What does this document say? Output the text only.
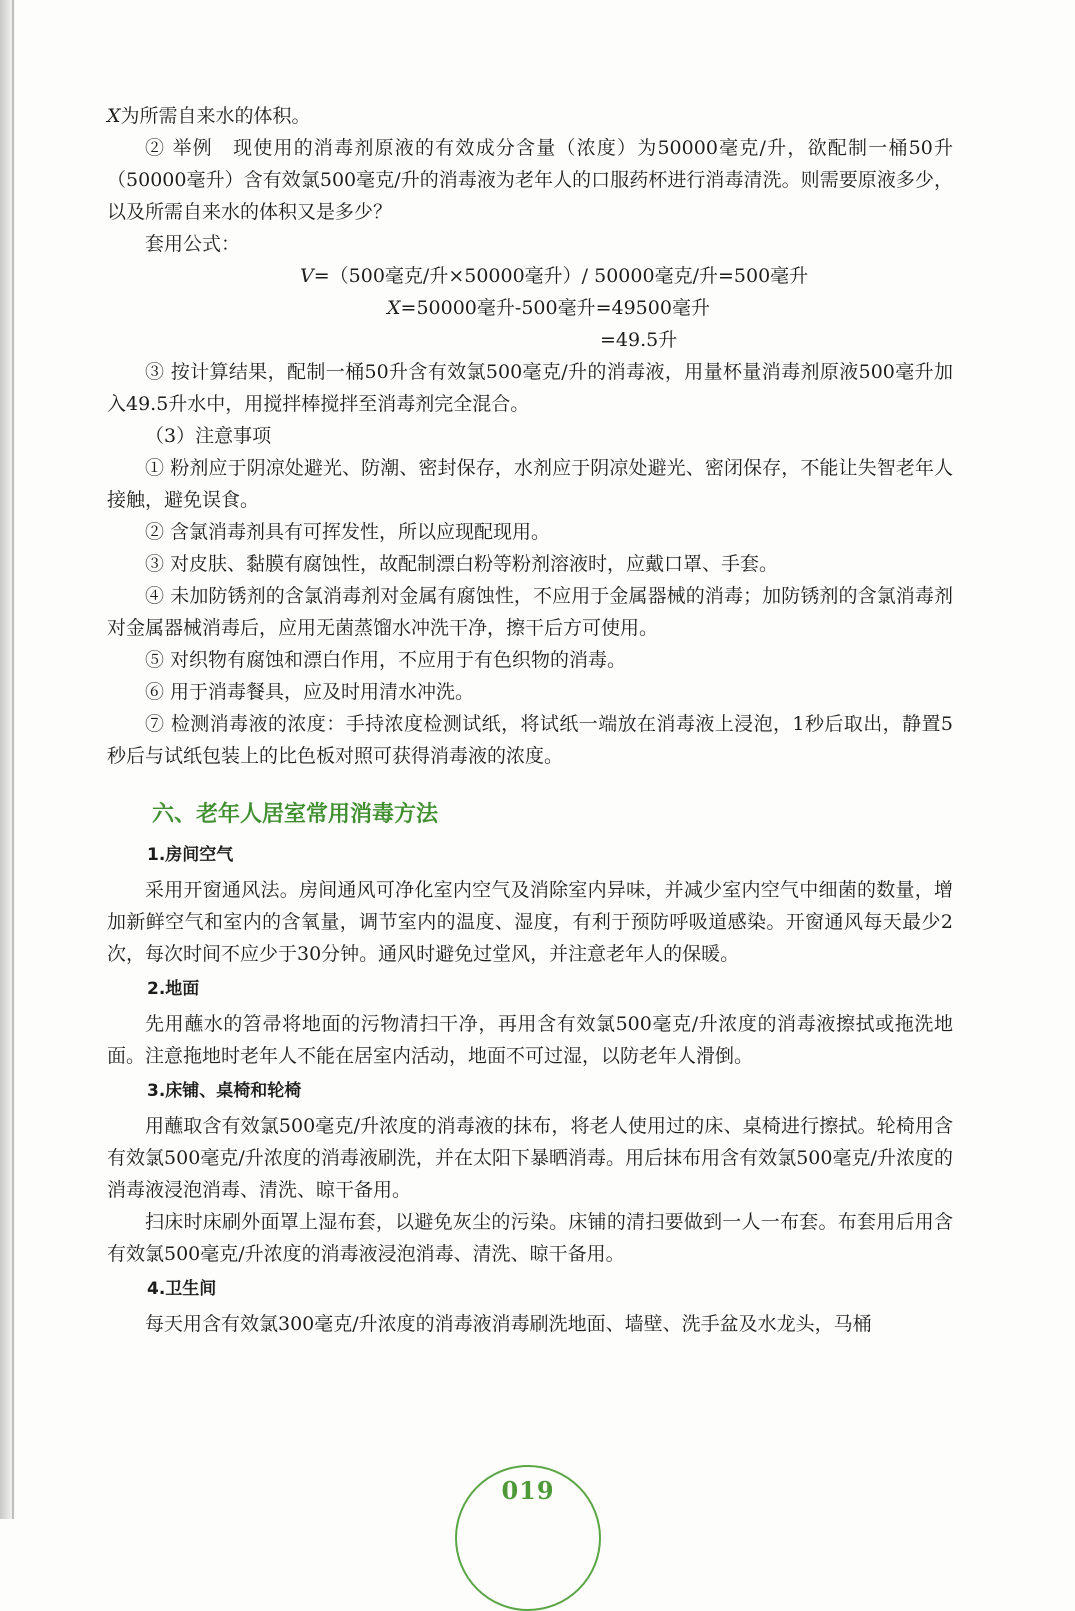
X为所需自来水的体积。

② 举例　现使用的消毒剂原液的有效成分含量（浓度）为50000毫克/升，欲配制一桶50升（50000毫升）含有效氯500毫克/升的消毒液为老年人的口服药杯进行消毒清洗。则需要原液多少，以及所需自来水的体积又是多少？

套用公式：

V=（500毫克/升×50000毫升）/ 50000毫克/升=500毫升

X=50000毫升-500毫升=49500毫升

=49.5升

③ 按计算结果，配制一桶50升含有效氯500毫克/升的消毒液，用量杯量消毒剂原液500毫升加入49.5升水中，用搅拌棒搅拌至消毒剂完全混合。

（3）注意事项

① 粉剂应于阴凉处避光、防潮、密封保存，水剂应于阴凉处避光、密闭保存，不能让失智老年人接触，避免误食。

② 含氯消毒剂具有可挥发性，所以应现配现用。

③ 对皮肤、黏膜有腐蚀性，故配制漂白粉等粉剂溶液时，应戴口罩、手套。

④ 未加防锈剂的含氯消毒剂对金属有腐蚀性，不应用于金属器械的消毒；加防锈剂的含氯消毒剂对金属器械消毒后，应用无菌蒸馏水冲洗干净，擦干后方可使用。

⑤ 对织物有腐蚀和漂白作用，不应用于有色织物的消毒。

⑥ 用于消毒餐具，应及时用清水冲洗。

⑦ 检测消毒液的浓度：手持浓度检测试纸，将试纸一端放在消毒液上浸泡，1秒后取出，静置5秒后与试纸包装上的比色板对照可获得消毒液的浓度。

六、老年人居室常用消毒方法

1.房间空气

采用开窗通风法。房间通风可净化室内空气及消除室内异味，并减少室内空气中细菌的数量，增加新鲜空气和室内的含氧量，调节室内的温度、湿度，有利于预防呼吸道感染。开窗通风每天最少2次，每次时间不应少于30分钟。通风时避免过堂风，并注意老年人的保暖。

2.地面

先用蘸水的笤帚将地面的污物清扫干净，再用含有效氯500毫克/升浓度的消毒液擦拭或拖洗地面。注意拖地时老年人不能在居室内活动，地面不可过湿，以防老年人滑倒。

3.床铺、桌椅和轮椅

用蘸取含有效氯500毫克/升浓度的消毒液的抹布，将老人使用过的床、桌椅进行擦拭。轮椅用含有效氯500毫克/升浓度的消毒液刷洗，并在太阳下暴晒消毒。用后抹布用含有效氯500毫克/升浓度的消毒液浸泡消毒、清洗、晾干备用。

扫床时床刷外面罩上湿布套，以避免灰尘的污染。床铺的清扫要做到一人一布套。布套用后用含有效氯500毫克/升浓度的消毒液浸泡消毒、清洗、晾干备用。

4.卫生间

每天用含有效氯300毫克/升浓度的消毒液消毒刷洗地面、墙壁、洗手盆及水龙头，马桶

019
